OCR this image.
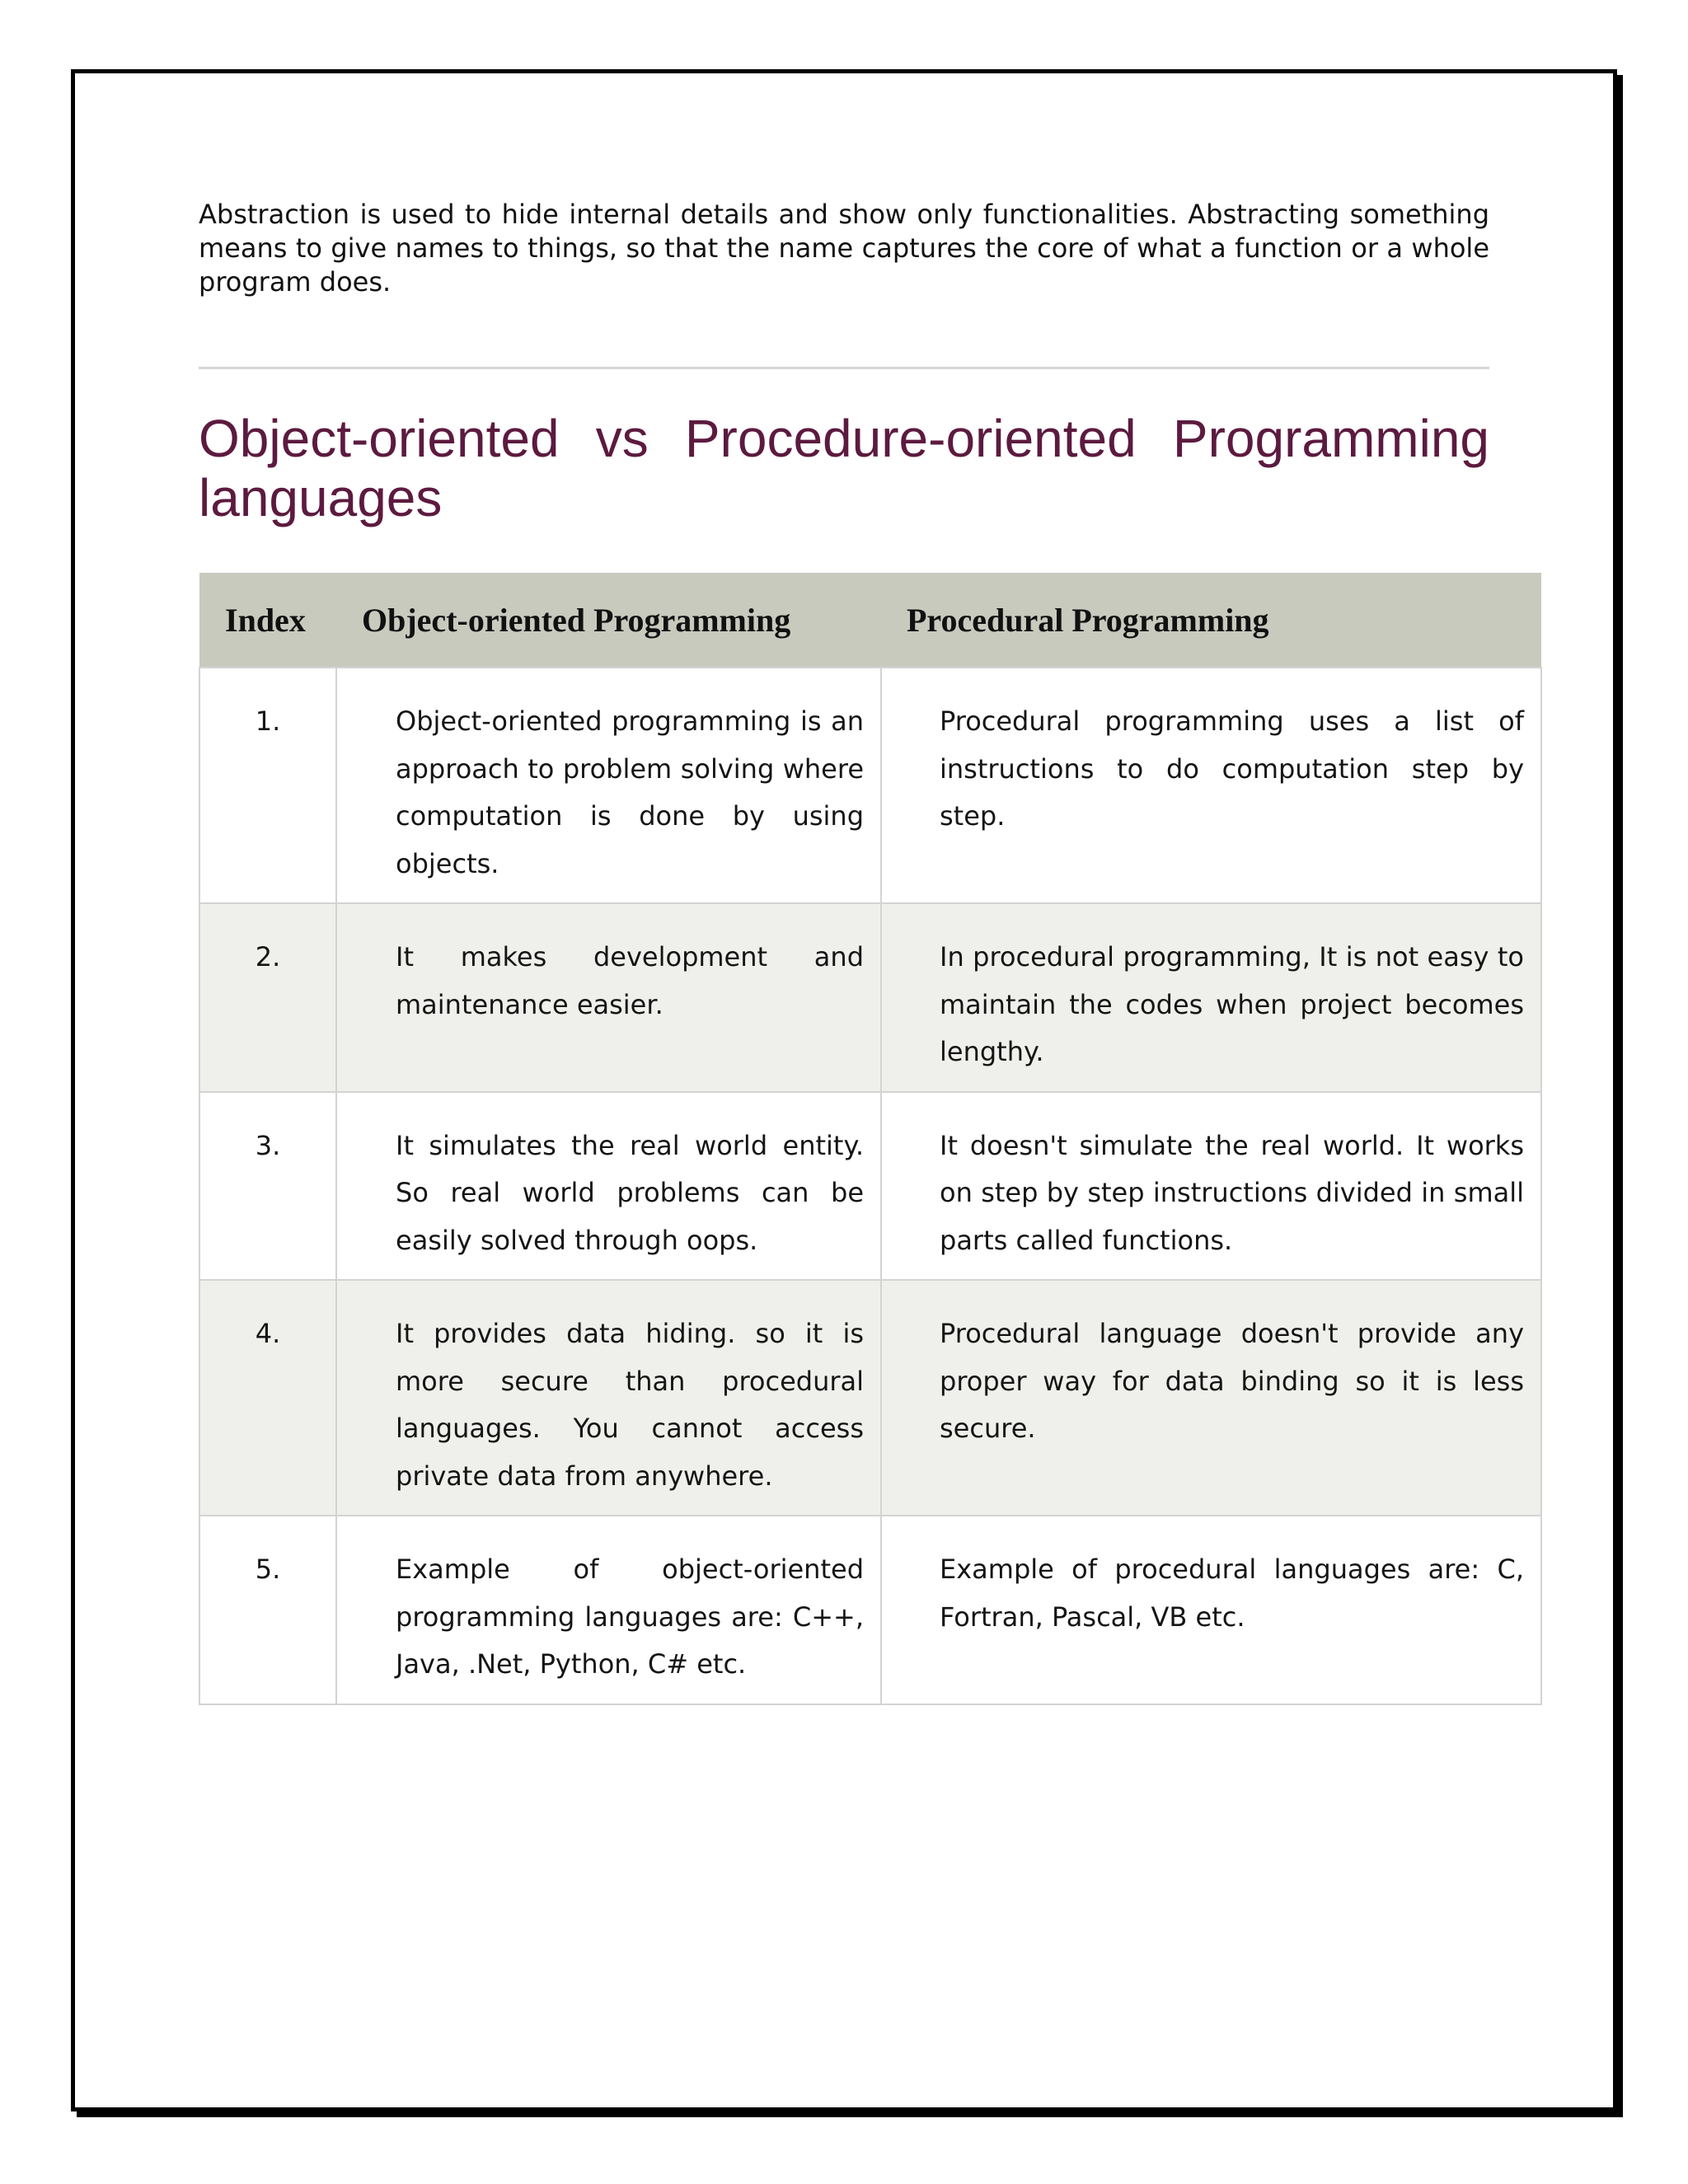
Abstraction is used to hide internal details and show only functionalities. Abstracting something means to give names to things, so that the name captures the core of what a function or a whole program does.

Object-oriented vs Procedure-oriented Programming languages
Index	Object-oriented Programming	Procedural Programming
1.	Object-oriented programming is an approach to problem solving where computation is done by using objects.	Procedural programming uses a list of instructions to do computation step by step.
2.	It makes development and maintenance easier.	In procedural programming, It is not easy to maintain the codes when project becomes lengthy.
3.	It simulates the real world entity. So real world problems can be easily solved through oops.	It doesn't simulate the real world. It works on step by step instructions divided in small parts called functions.
4.	It provides data hiding. so it is more secure than procedural languages. You cannot access private data from anywhere.	Procedural language doesn't provide any proper way for data binding so it is less secure.
5.	Example of object-oriented programming languages are: C++, Java, .Net, Python, C# etc.	Example of procedural languages are: C, Fortran, Pascal, VB etc.
